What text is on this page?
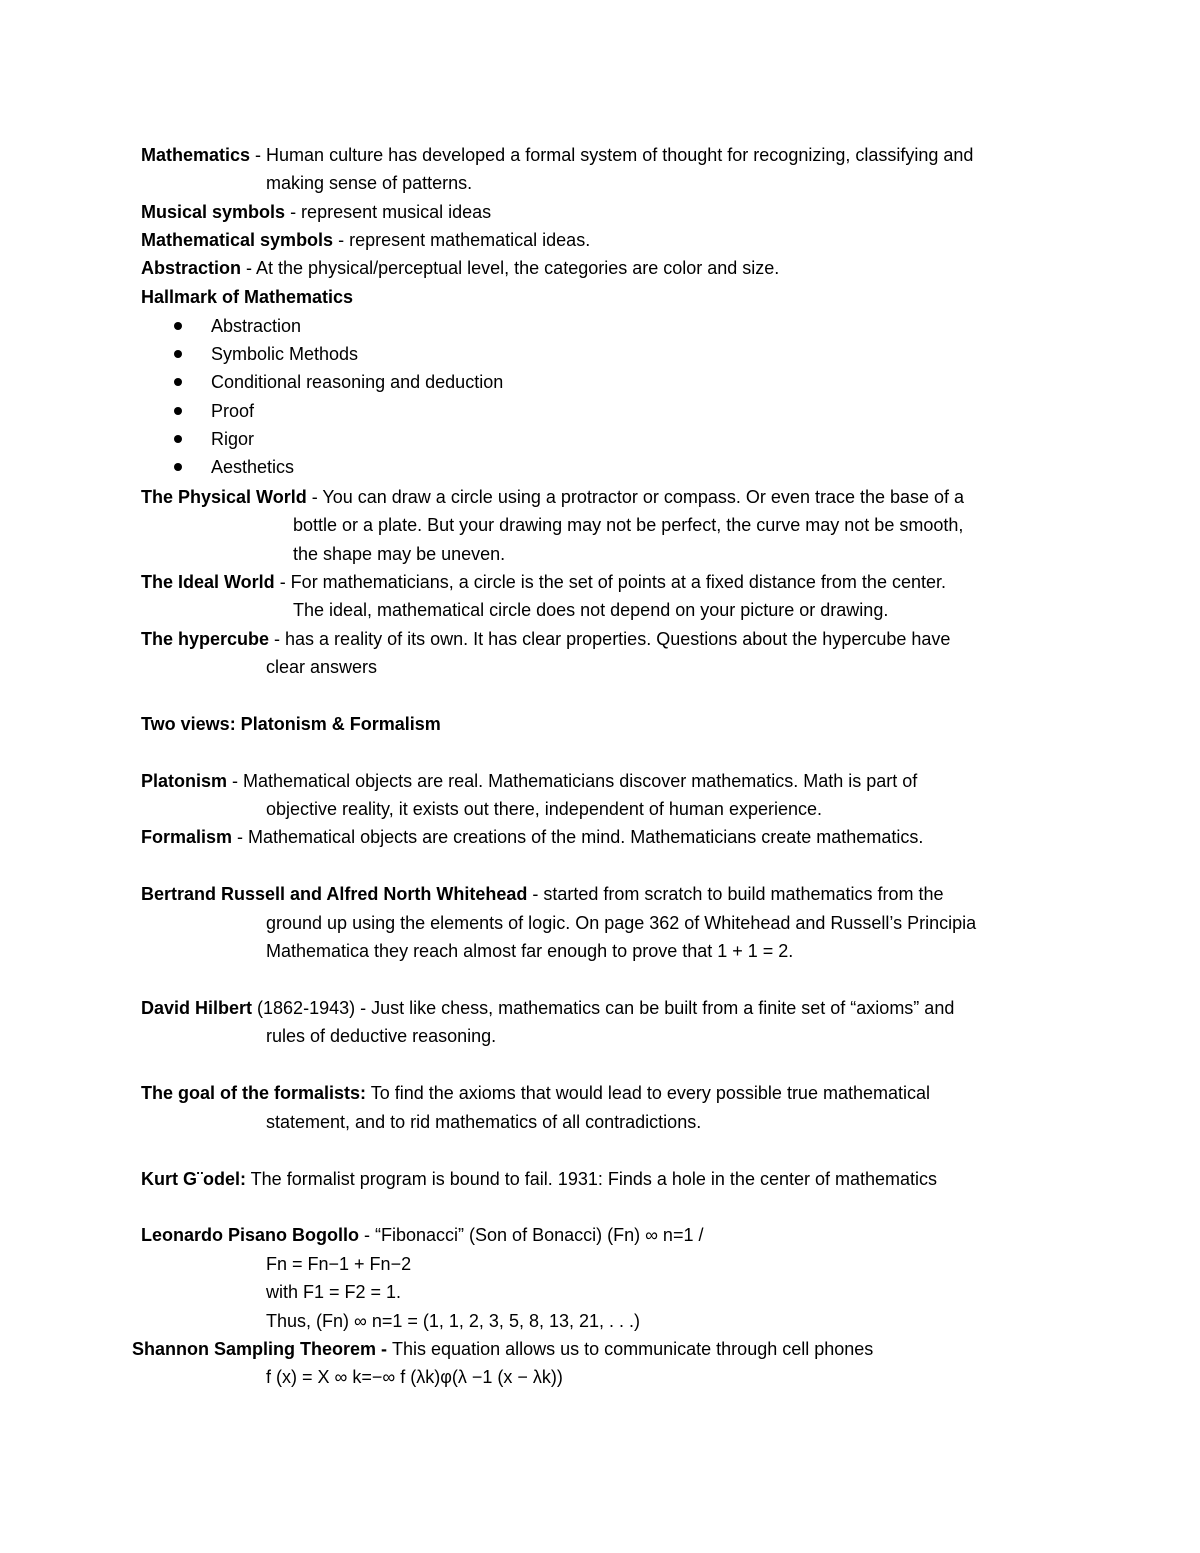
Mathematics - Human culture has developed a formal system of thought for recognizing, classifying and
making sense of patterns.
Musical symbols - represent musical ideas
Mathematical symbols - represent mathematical ideas.
Abstraction - At the physical/perceptual level, the categories are color and size.
Hallmark of Mathematics
Abstraction
Symbolic Methods
Conditional reasoning and deduction
Proof
Rigor
Aesthetics
The Physical World - You can draw a circle using a protractor or compass. Or even trace the base of a
bottle or a plate. But your drawing may not be perfect, the curve may not be smooth,
the shape may be uneven.
The Ideal World - For mathematicians, a circle is the set of points at a fixed distance from the center.
The ideal, mathematical circle does not depend on your picture or drawing.
The hypercube - has a reality of its own. It has clear properties. Questions about the hypercube have
clear answers
Two views: Platonism & Formalism
Platonism - Mathematical objects are real. Mathematicians discover mathematics. Math is part of
objective reality, it exists out there, independent of human experience.
Formalism - Mathematical objects are creations of the mind. Mathematicians create mathematics.
Bertrand Russell and Alfred North Whitehead - started from scratch to build mathematics from the
ground up using the elements of logic. On page 362 of Whitehead and Russell’s Principia
Mathematica they reach almost far enough to prove that 1 + 1 = 2.
David Hilbert (1862-1943) - Just like chess, mathematics can be built from a finite set of “axioms” and
rules of deductive reasoning.
The goal of the formalists: To find the axioms that would lead to every possible true mathematical
statement, and to rid mathematics of all contradictions.
Kurt G¨odel: The formalist program is bound to fail. 1931: Finds a hole in the center of mathematics
Leonardo Pisano Bogollo - “Fibonacci” (Son of Bonacci) (Fn) ∞ n=1 /
Fn = Fn−1 + Fn−2
with F1 = F2 = 1.
Thus, (Fn) ∞ n=1 = (1, 1, 2, 3, 5, 8, 13, 21, . . .)
Shannon Sampling Theorem - This equation allows us to communicate through cell phones
f (x) = X ∞ k=−∞ f (λk)φ(λ −1 (x − λk))
